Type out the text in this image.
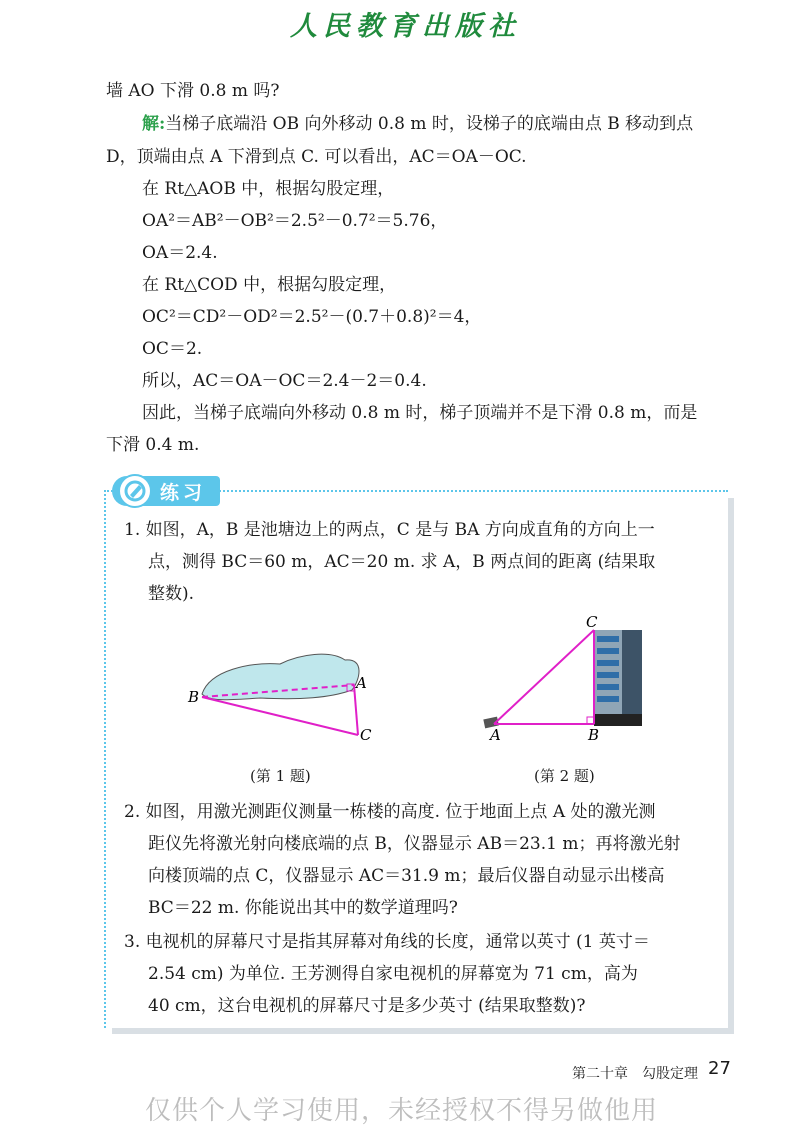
人民教育出版社
墙 AO 下滑 0.8 m 吗?
解:当梯子底端沿 OB 向外移动 0.8 m 时，设梯子的底端由点 B 移动到点
D，顶端由点 A 下滑到点 C. 可以看出，AC＝OA－OC.
在 Rt△AOB 中，根据勾股定理，
OA²＝AB²－OB²＝2.5²－0.7²＝5.76，
OA＝2.4.
在 Rt△COD 中，根据勾股定理，
OC²＝CD²－OD²＝2.5²－(0.7＋0.8)²＝4，
OC＝2.
所以，AC＝OA－OC＝2.4－2＝0.4.
因此，当梯子底端向外移动 0.8 m 时，梯子顶端并不是下滑 0.8 m，而是
下滑 0.4 m.
练习
1. 如图，A，B 是池塘边上的两点，C 是与 BA 方向成直角的方向上一
点，测得 BC＝60 m，AC＝20 m. 求 A，B 两点间的距离 (结果取
整数).
B
A
C
(第 1 题)
C
A	B
(第 2 题)
2. 如图，用激光测距仪测量一栋楼的高度. 位于地面上点 A 处的激光测
距仪先将激光射向楼底端的点 B，仪器显示 AB＝23.1 m；再将激光射
向楼顶端的点 C，仪器显示 AC＝31.9 m；最后仪器自动显示出楼高
BC＝22 m. 你能说出其中的数学道理吗?
3. 电视机的屏幕尺寸是指其屏幕对角线的长度，通常以英寸 (1 英寸＝
2.54 cm) 为单位. 王芳测得自家电视机的屏幕宽为 71 cm，高为
40 cm，这台电视机的屏幕尺寸是多少英寸 (结果取整数)?
第二十章　勾股定理 27
仅供个人学习使用，未经授权不得另做他用
